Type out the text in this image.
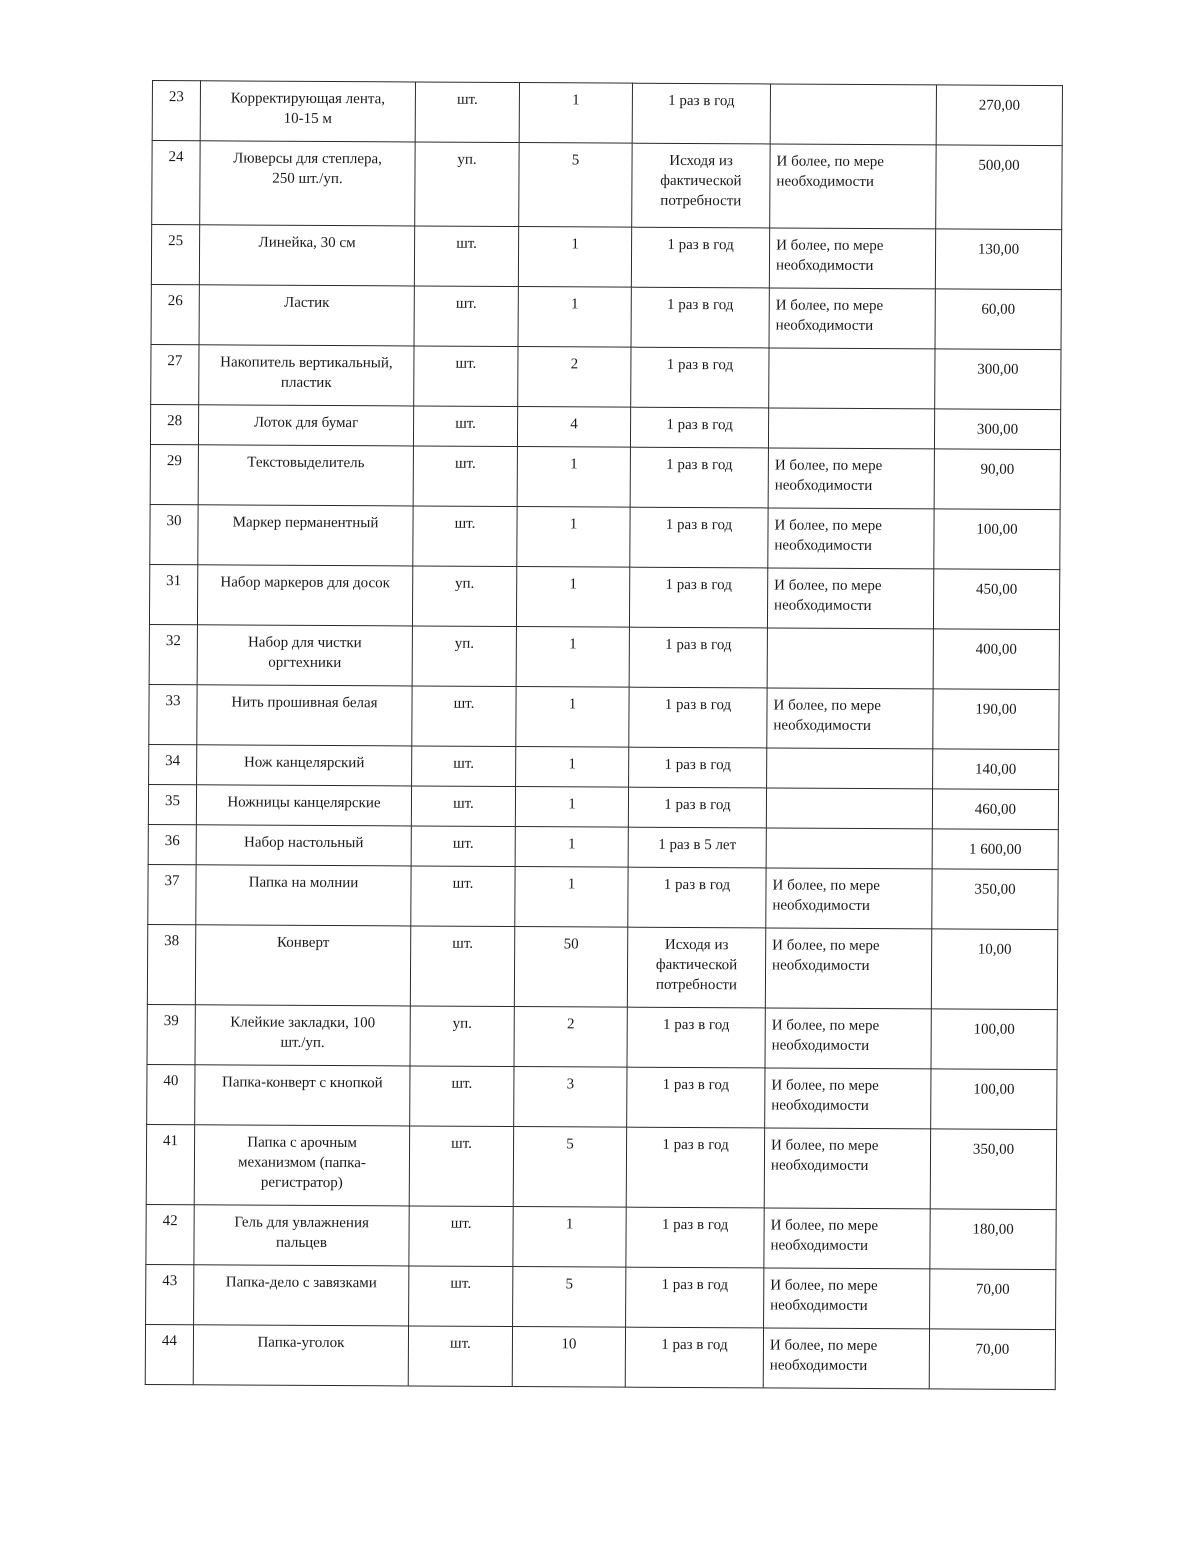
23	Корректирующая лента,
10-15 м	шт.	1	1 раз в год		270,00

24	Люверсы для степлера,
250 шт./уп.	уп.	5	Исходя из
фактической
потребности	И более, по мере
необходимости	500,00

25	Линейка, 30 см	шт.	1	1 раз в год	И более, по мере
необходимости	130,00

26	Ластик	шт.	1	1 раз в год	И более, по мере
необходимости	60,00

27	Накопитель вертикальный,
пластик	шт.	2	1 раз в год		300,00

28	Лоток для бумаг	шт.	4	1 раз в год		300,00

29	Текстовыделитель	шт.	1	1 раз в год	И более, по мере
необходимости	90,00

30	Маркер перманентный	шт.	1	1 раз в год	И более, по мере
необходимости	100,00

31	Набор маркеров для досок	уп.	1	1 раз в год	И более, по мере
необходимости	450,00

32	Набор для чистки
оргтехники	уп.	1	1 раз в год		400,00

33	Нить прошивная белая	шт.	1	1 раз в год	И более, по мере
необходимости	190,00

34	Нож канцелярский	шт.	1	1 раз в год		140,00

35	Ножницы канцелярские	шт.	1	1 раз в год		460,00

36	Набор настольный	шт.	1	1 раз в 5 лет		1 600,00

37	Папка на молнии	шт.	1	1 раз в год	И более, по мере
необходимости	350,00

38	Конверт	шт.	50	Исходя из
фактической
потребности	И более, по мере
необходимости	10,00

39	Клейкие закладки, 100
шт./уп.	уп.	2	1 раз в год	И более, по мере
необходимости	100,00

40	Папка-конверт с кнопкой	шт.	3	1 раз в год	И более, по мере
необходимости	100,00

41	Папка с арочным
механизмом (папка-
регистратор)	шт.	5	1 раз в год	И более, по мере
необходимости	350,00

42	Гель для увлажнения
пальцев	шт.	1	1 раз в год	И более, по мере
необходимости	180,00

43	Папка-дело с завязками	шт.	5	1 раз в год	И более, по мере
необходимости	70,00

44	Папка-уголок	шт.	10	1 раз в год	И более, по мере
необходимости	70,00
